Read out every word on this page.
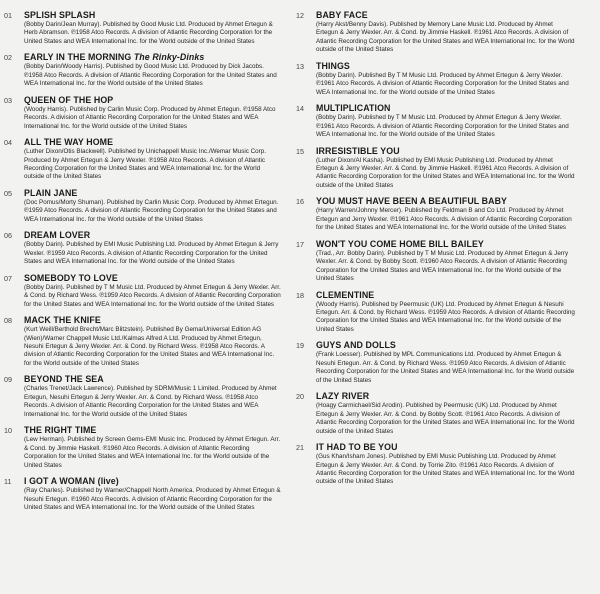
01	SPLISH SPLASH
(Bobby Darin/Jean Murray). Published by Good Music Ltd. Produced by Ahmet Ertegun & Herb Abramson. ℗1958 Atco Records. A division of Atlantic Recording Corporation for the United States and WEA International Inc. for the World outside of the United States
02	EARLY IN THE MORNING The Rinky-Dinks
(Bobby Darin/Woody Harris). Published by Good Music Ltd. Produced by Dick Jacobs. ℗1958 Atco Records. A division of Atlantic Recording Corporation for the United States and WEA International Inc. for the World outside of the United States
03	QUEEN OF THE HOP
(Woody Harris). Published by Carlin Music Corp. Produced by Ahmet Ertegun. ℗1958 Atco Records. A division of Atlantic Recording Corporation for the United States and WEA International Inc. for the World outside of the United States
04	ALL THE WAY HOME
(Luther Dixon/Otis Blackwell). Published by Unichappell Music Inc./Wemar Music Corp. Produced by Ahmet Ertegun & Jerry Wexler. ℗1958 Atco Records. A division of Atlantic Recording Corporation for the United States and WEA International Inc. for the World outside of the United States
05	PLAIN JANE
(Doc Pomus/Morty Shuman). Published by Carlin Music Corp. Produced by Ahmet Ertegun. ℗1959 Atco Records. A division of Atlantic Recording Corporation for the United States and WEA International Inc. for the World outside of the United States
06	DREAM LOVER
(Bobby Darin). Published by EMI Music Publishing Ltd. Produced by Ahmet Ertegun & Jerry Wexler. ℗1959 Atco Records. A division of Atlantic Recording Corporation for the United States and WEA International Inc. for the World outside of the United States
07	SOMEBODY TO LOVE
(Bobby Darin). Published by T M Music Ltd. Produced by Ahmet Ertegun & Jerry Wexler. Arr. & Cond. by Richard Wess. ℗1959 Atco Records. A division of Atlantic Recording Corporation for the United States and WEA International Inc. for the World outside of the United States
08	MACK THE KNIFE
(Kurt Weill/Berthold Brecht/Marc Blitzstein). Published By Gema/Universal Edition AG (Wien)/Warner Chappell Music Ltd./Kalmas Alfred A Ltd. Produced by Ahmet Ertegun, Nesuhi Ertegun & Jerry Wexler. Arr. & Cond. by Richard Wess. ℗1958 Atco Records. A division of Atlantic Recording Corporation for the United States and WEA International Inc. for the World outside of the United States
09	BEYOND THE SEA
(Charles Trenet/Jack Lawrence). Published by SDRM/Music 1 Limited. Produced by Ahmet Ertegun, Nesuhi Ertegun & Jerry Wexler. Arr. & Cond. by Richard Wess. ℗1958 Atco Records. A division of Atlantic Recording Corporation for the United States and WEA International Inc. for the World outside of the United States
10	THE RIGHT TIME
(Lew Herman). Published by Screen Gems-EMI Music Inc. Produced by Ahmet Ertegun. Arr. & Cond. by Jimmie Haskell. ℗1960 Atco Records. A division of Atlantic Recording Corporation for the United States and WEA International Inc. for the World outside of the United States
11	I GOT A WOMAN (live)
(Ray Charles). Published by Warner/Chappell North America. Produced by Ahmet Ertegun & Nesuhi Ertegun. ℗1960 Atco Records. A division of Atlantic Recording Corporation for the United States and WEA International Inc. for the World outside of the United States
12	BABY FACE
(Harry Akst/Benny Davis). Published by Memory Lane Music Ltd. Produced by Ahmet Ertegun & Jerry Wexler. Arr. & Cond. by Jimmie Haskell. ℗1961 Atco Records. A division of Atlantic Recording Corporation for the United States and WEA International Inc. for the World outside of the United States
13	THINGS
(Bobby Darin). Published By T M Music Ltd. Produced by Ahmet Ertegun & Jerry Wexler. ℗1961 Atco Records. A division of Atlantic Recording Corporation for the United States and WEA International Inc. for the World outside of the United States
14	MULTIPLICATION
(Bobby Darin). Published by T M Music Ltd. Produced by Ahmet Ertegun & Jerry Wexler. ℗1961 Atco Records. A division of Atlantic Recording Corporation for the United States and WEA International Inc. for the World outside of the United States
15	IRRESISTIBLE YOU
(Luther Dixon/Al Kasha). Published by EMI Music Publishing Ltd. Produced by Ahmet Ertegun & Jerry Wexler. Arr. & Cond. by Jimmie Haskell. ℗1961 Atco Records. A division of Atlantic Recording Corporation for the United States and WEA International Inc. for the World outside of the United States
16	YOU MUST HAVE BEEN A BEAUTIFUL BABY
(Harry Warren/Johnny Mercer). Published by Feldman B and Co Ltd. Produced by Ahmet Ertegun and Jerry Wexler. ℗1961 Atco Records. A division of Atlantic Recording Corporation for the United States and WEA International Inc. for the World outside of the United States
17	WON'T YOU COME HOME BILL BAILEY
(Trad., Arr. Bobby Darin). Published by T M Music Ltd. Produced by Ahmet Ertegun & Jerry Wexler. Arr. & Cond. by Bobby Scott. ℗1960 Atco Records. A division of Atlantic Recording Corporation for the United States and WEA International Inc. for the World outside of the United States
18	CLEMENTINE
(Woody Harris). Published by Peermusic (UK) Ltd. Produced by Ahmet Ertegun & Nesuhi Ertegun. Arr. & Cond. by Richard Wess. ℗1959 Atco Records. A division of Atlantic Recording Corporation for the United States and WEA International Inc. for the World outside of the United States
19	GUYS AND DOLLS
(Frank Loesser). Published by MPL Communications Ltd. Produced by Ahmet Ertegun & Nesuhi Ertegun. Arr. & Cond. by Richard Wess. ℗1959 Atco Records. A division of Atlantic Recording Corporation for the United States and WEA International Inc. for the World outside of the United States
20	LAZY RIVER
(Hoagy Carmichael/Sid Arodin). Published by Peermusic (UK) Ltd. Produced by Ahmet Ertegun & Jerry Wexler. Arr. & Cond. by Bobby Scott. ℗1961 Atco Records. A division of Atlantic Recording Corporation for the United States and WEA International Inc. for the World outside of the United States
21	IT HAD TO BE YOU
(Gus Khan/Isham Jones). Published by EMI Music Publishing Ltd. Produced by Ahmet Ertegun & Jerry Wexler. Arr. & Cond. by Torrie Zito. ℗1961 Atco Records. A division of Atlantic Recording Corporation for the United States and WEA International Inc. for the World outside of the United States
